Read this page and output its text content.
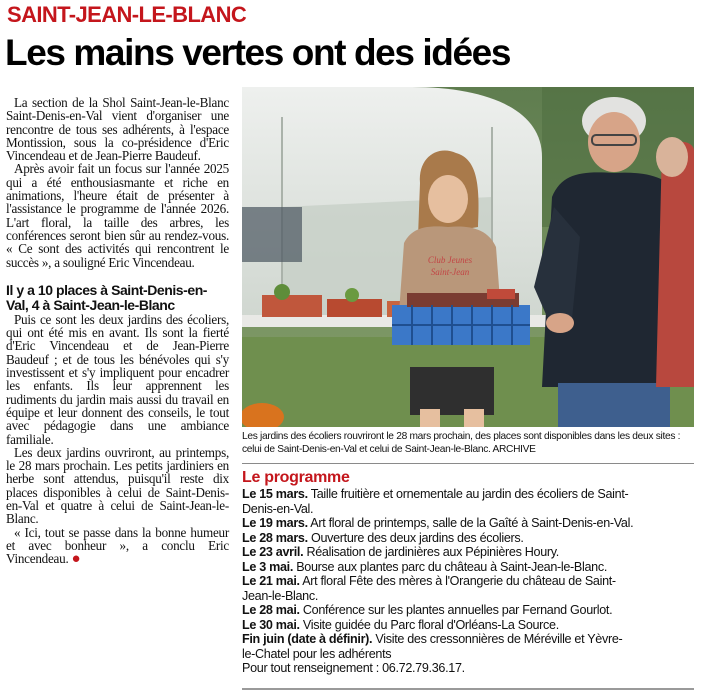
SAINT-JEAN-LE-BLANC
Les mains vertes ont des idées

La section de la Shol Saint-Jean-le-Blanc Saint-Denis-en-Val vient d'organiser une rencontre de tous ses adhérents, à l'espace Montission, sous la co-présidence d'Eric Vincendeau et de Jean-Pierre Baudeuf.

Après avoir fait un focus sur l'année 2025 qui a été enthousiasmante et riche en animations, l'heure était de présenter à l'assistance le programme de l'année 2026. L'art floral, la taille des arbres, les conférences seront bien sûr au rendez-vous. « Ce sont des activités qui rencontrent le succès », a souligné Eric Vincendeau.

Il y a 10 places à Saint-Denis-en-Val, 4 à Saint-Jean-le-Blanc

Puis ce sont les deux jardins des écoliers, qui ont été mis en avant. Ils sont la fierté d'Eric Vincendeau et de Jean-Pierre Baudeuf ; et de tous les bénévoles qui s'y investissent et s'y impliquent pour encadrer les enfants. Ils leur apprennent les rudiments du jardin mais aussi du travail en équipe et leur donnent des conseils, le tout avec pédagogie dans une ambiance familiale.

Les deux jardins ouvriront, au printemps, le 28 mars prochain. Les petits jardiniers en herbe sont attendus, puisqu'il reste dix places disponibles à celui de Saint-Denis-en-Val et quatre à celui de Saint-Jean-le-Blanc.

« Ici, tout se passe dans la bonne humeur et avec bonheur », a conclu Eric Vincendeau. ●

Club Jeunes
Saint-Jean

Les jardins des écoliers rouvriront le 28 mars prochain, des places sont disponibles dans les deux sites :
celui de Saint-Denis-en-Val et celui de Saint-Jean-le-Blanc. ARCHIVE

Le programme
Le 15 mars. Taille fruitière et ornementale au jardin des écoliers de Saint-
Denis-en-Val.
Le 19 mars. Art floral de printemps, salle de la Gaîté à Saint-Denis-en-Val.
Le 28 mars. Ouverture des deux jardins des écoliers.
Le 23 avril. Réalisation de jardinières aux Pépinières Houry.
Le 3 mai. Bourse aux plantes parc du château à Saint-Jean-le-Blanc.
Le 21 mai. Art floral Fête des mères à l'Orangerie du château de Saint-
Jean-le-Blanc.
Le 28 mai. Conférence sur les plantes annuelles par Fernand Gourlot.
Le 30 mai. Visite guidée du Parc floral d'Orléans-La Source.
Fin juin (date à définir). Visite des cressonnières de Méréville et Yèvre-
le-Chatel pour les adhérents
Pour tout renseignement : 06.72.79.36.17.
